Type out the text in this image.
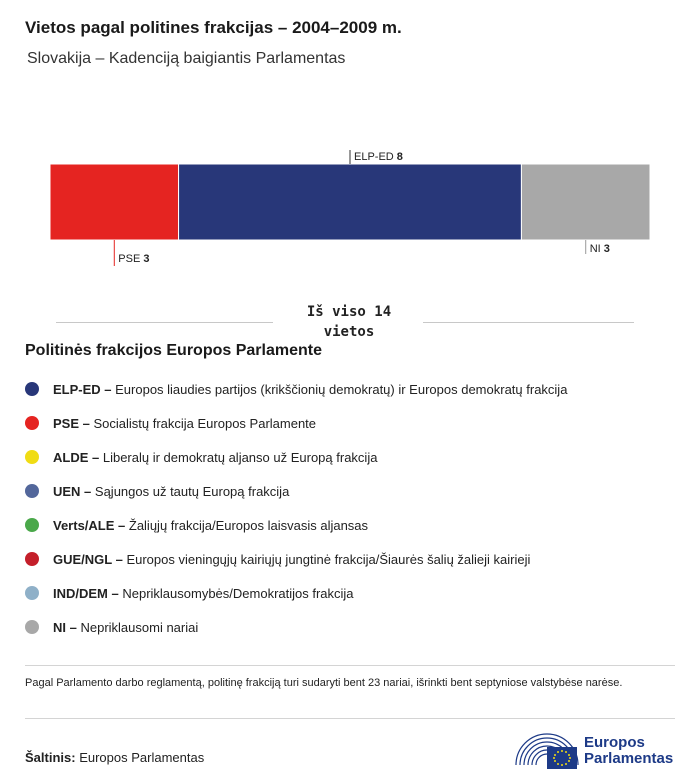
Vietos pagal politines frakcijas – 2004–2009 m.
Slovakija – Kadenciją baigiantis Parlamentas
PSE 3
ELP-ED 8
NI 3
Iš viso 14
vietos
Politinės frakcijos Europos Parlamente
ELP-ED – Europos liaudies partijos (krikščionių demokratų) ir Europos demokratų frakcija
PSE – Socialistų frakcija Europos Parlamente
ALDE – Liberalų ir demokratų aljanso už Europą frakcija
UEN – Sąjungos už tautų Europą frakcija
Verts/ALE – Žaliųjų frakcija/Europos laisvasis aljansas
GUE/NGL – Europos vieningųjų kairiųjų jungtinė frakcija/Šiaurės šalių žalieji kairieji
IND/DEM – Nepriklausomybės/Demokratijos frakcija
NI – Nepriklausomi nariai
Pagal Parlamento darbo reglamentą, politinę frakciją turi sudaryti bent 23 nariai, išrinkti bent septyniose valstybėse narėse.
Šaltinis: Europos Parlamentas
Europos
Parlamentas
